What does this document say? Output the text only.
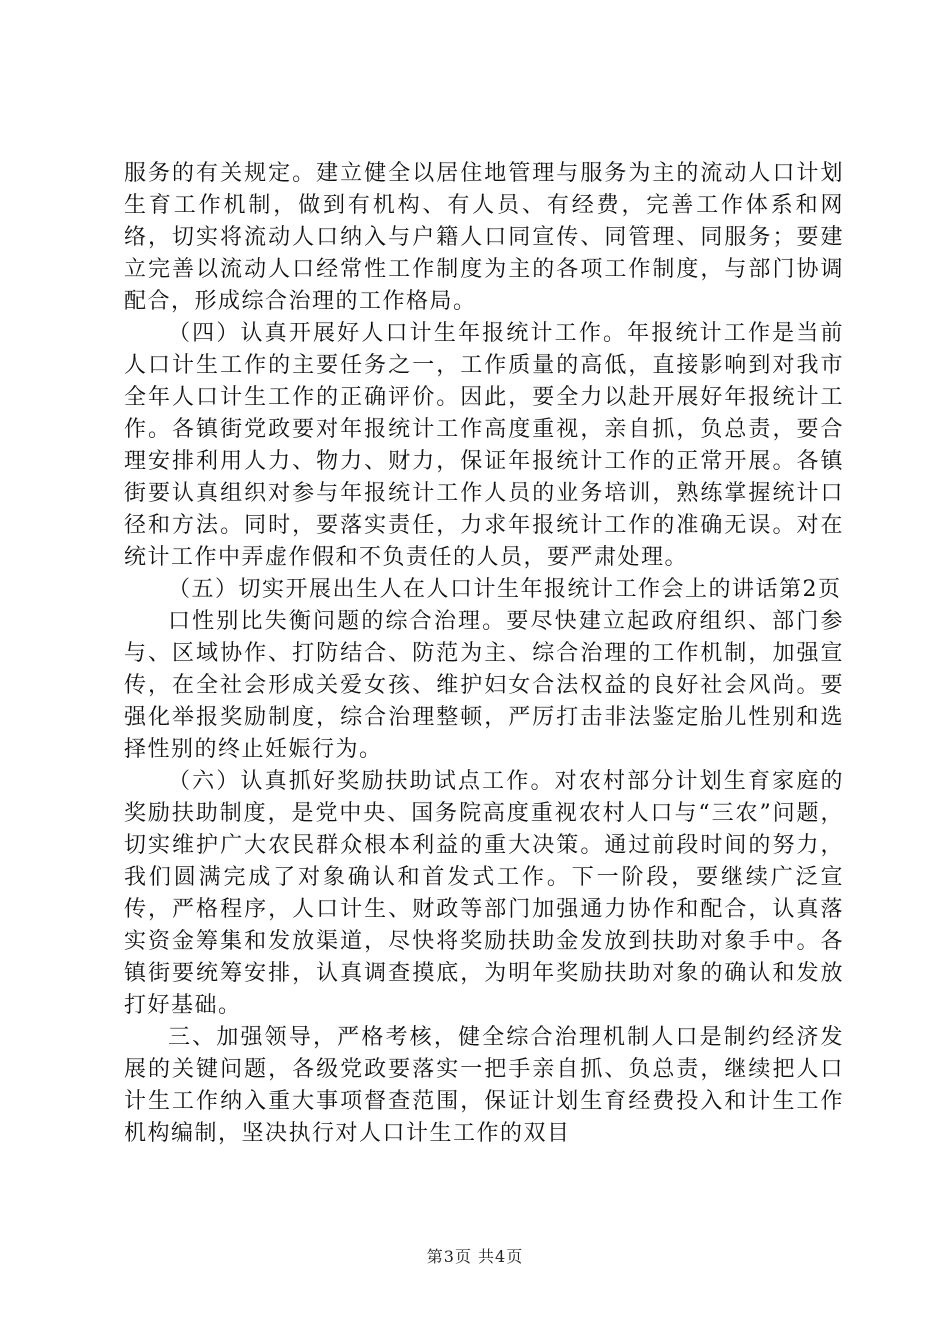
服务的有关规定。建立健全以居住地管理与服务为主的流动人口计划生育工作机制，做到有机构、有人员、有经费，完善工作体系和网络，切实将流动人口纳入与户籍人口同宣传、同管理、同服务；要建立完善以流动人口经常性工作制度为主的各项工作制度，与部门协调配合，形成综合治理的工作格局。

（四）认真开展好人口计生年报统计工作。年报统计工作是当前人口计生工作的主要任务之一，工作质量的高低，直接影响到对我市全年人口计生工作的正确评价。因此，要全力以赴开展好年报统计工作。各镇街党政要对年报统计工作高度重视，亲自抓，负总责，要合理安排利用人力、物力、财力，保证年报统计工作的正常开展。各镇街要认真组织对参与年报统计工作人员的业务培训，熟练掌握统计口径和方法。同时，要落实责任，力求年报统计工作的准确无误。对在统计工作中弄虚作假和不负责任的人员，要严肃处理。

（五）切实开展出生人在人口计生年报统计工作会上的讲话第2页

口性别比失衡问题的综合治理。要尽快建立起政府组织、部门参与、区域协作、打防结合、防范为主、综合治理的工作机制，加强宣传，在全社会形成关爱女孩、维护妇女合法权益的良好社会风尚。要强化举报奖励制度，综合治理整顿，严厉打击非法鉴定胎儿性别和选择性别的终止妊娠行为。

（六）认真抓好奖励扶助试点工作。对农村部分计划生育家庭的奖励扶助制度，是党中央、国务院高度重视农村人口与“三农”问题，切实维护广大农民群众根本利益的重大决策。通过前段时间的努力，我们圆满完成了对象确认和首发式工作。下一阶段，要继续广泛宣传，严格程序，人口计生、财政等部门加强通力协作和配合，认真落实资金筹集和发放渠道，尽快将奖励扶助金发放到扶助对象手中。各镇街要统筹安排，认真调查摸底，为明年奖励扶助对象的确认和发放打好基础。

三、加强领导，严格考核，健全综合治理机制人口是制约经济发展的关键问题，各级党政要落实一把手亲自抓、负总责，继续把人口计生工作纳入重大事项督查范围，保证计划生育经费投入和计生工作机构编制，坚决执行对人口计生工作的双目

第3页 共4页
